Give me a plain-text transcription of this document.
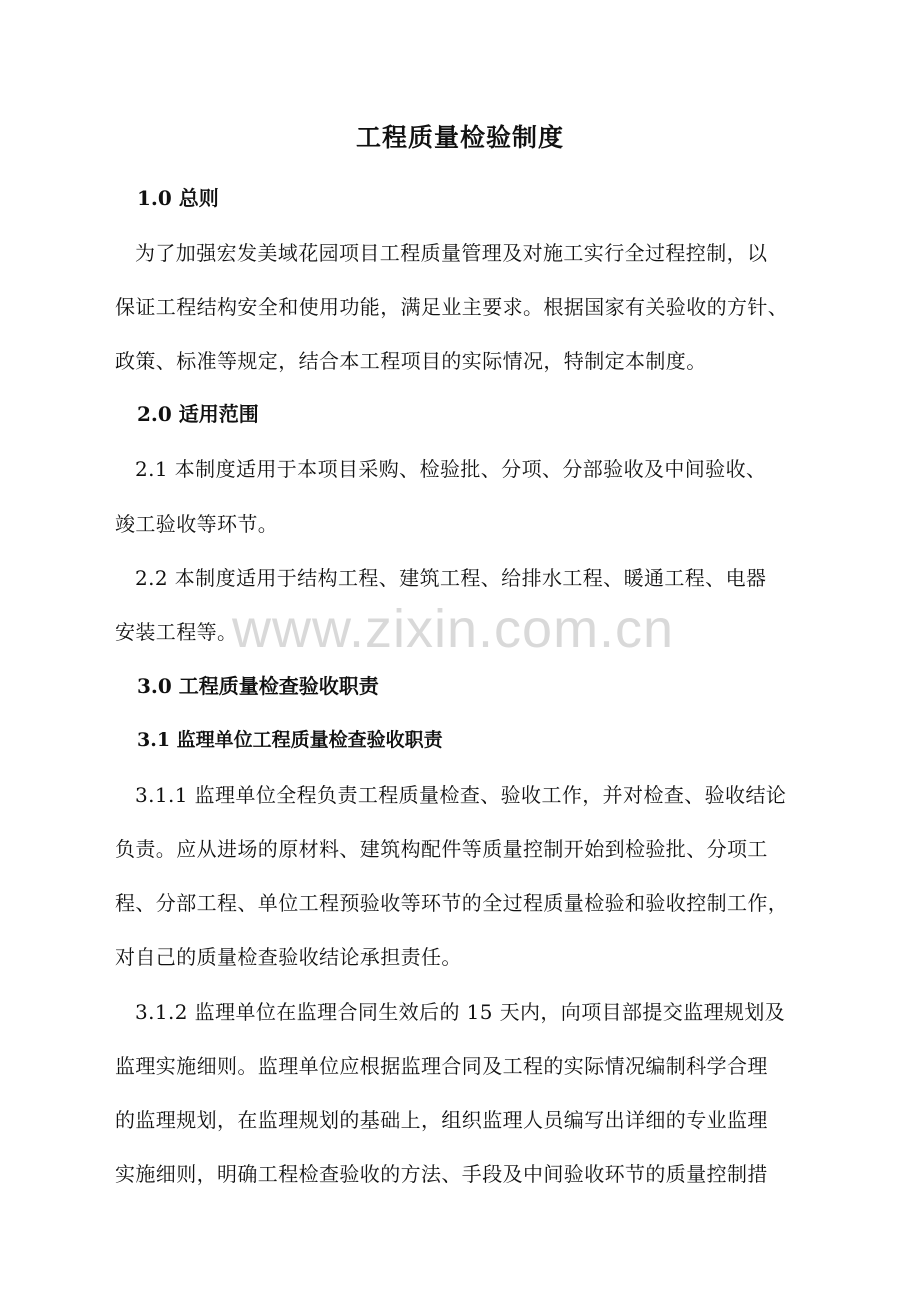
工程质量检验制度
1.0 总则
为了加强宏发美域花园项目工程质量管理及对施工实行全过程控制，以
保证工程结构安全和使用功能，满足业主要求。根据国家有关验收的方针、
政策、标准等规定，结合本工程项目的实际情况，特制定本制度。
2.0 适用范围
2.1 本制度适用于本项目采购、检验批、分项、分部验收及中间验收、
竣工验收等环节。
2.2 本制度适用于结构工程、建筑工程、给排水工程、暖通工程、电器
安装工程等。
3.0 工程质量检查验收职责
3.1 监理单位工程质量检查验收职责
3.1.1 监理单位全程负责工程质量检查、验收工作，并对检查、验收结论
负责。应从进场的原材料、建筑构配件等质量控制开始到检验批、分项工
程、分部工程、单位工程预验收等环节的全过程质量检验和验收控制工作，
对自己的质量检查验收结论承担责任。
3.1.2 监理单位在监理合同生效后的 15 天内，向项目部提交监理规划及
监理实施细则。监理单位应根据监理合同及工程的实际情况编制科学合理
的监理规划，在监理规划的基础上，组织监理人员编写出详细的专业监理
实施细则，明确工程检查验收的方法、手段及中间验收环节的质量控制措
www.zixin.com.cn
